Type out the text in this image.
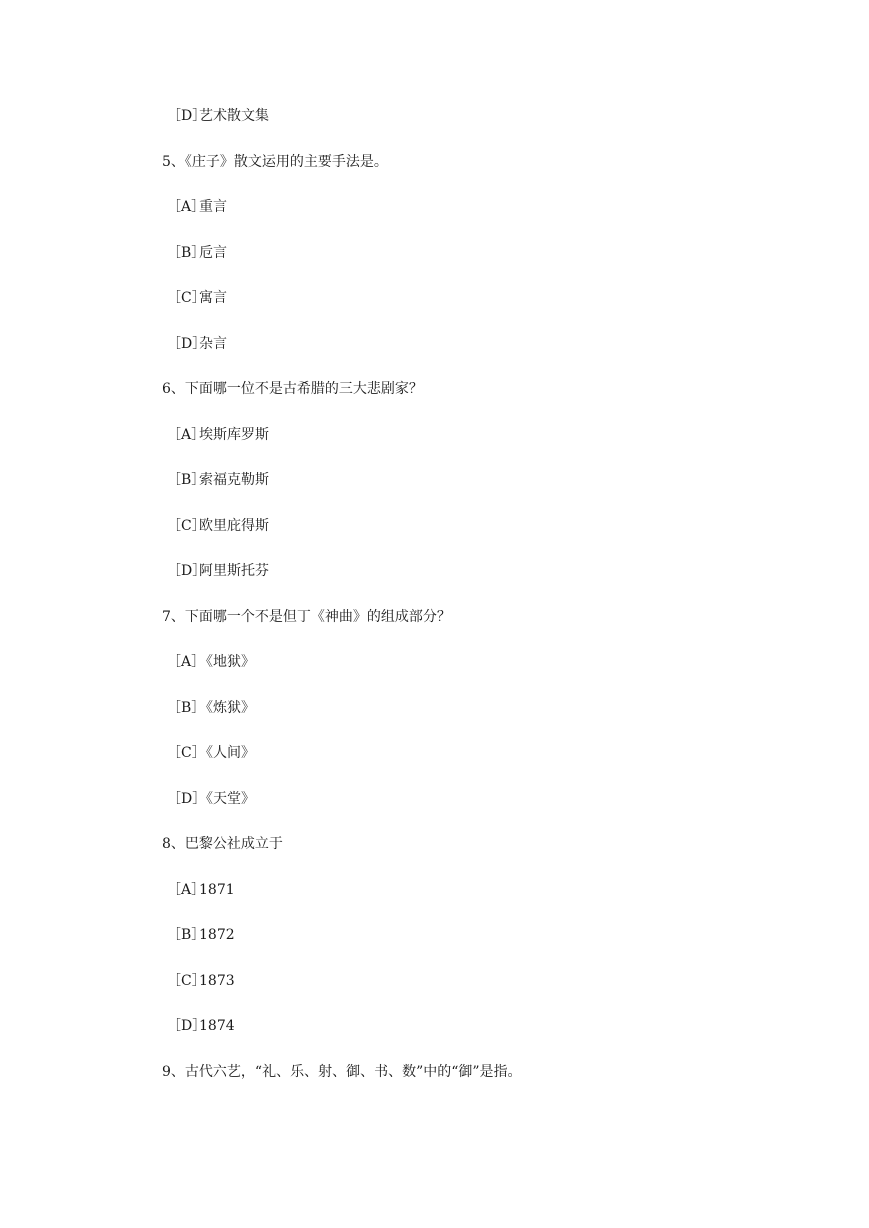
［D］艺术散文集
5、《庄子》散文运用的主要手法是。
［A］重言
［B］卮言
［C］寓言
［D］杂言
6、下面哪一位不是古希腊的三大悲剧家？
［A］埃斯库罗斯
［B］索福克勒斯
［C］欧里庇得斯
［D］阿里斯托芬
7、下面哪一个不是但丁《神曲》的组成部分？
［A］《地狱》
［B］《炼狱》
［C］《人间》
［D］《天堂》
8、巴黎公社成立于
［A］1871
［B］1872
［C］1873
［D］1874
9、古代六艺，“礼、乐、射、御、书、数”中的“御”是指。
